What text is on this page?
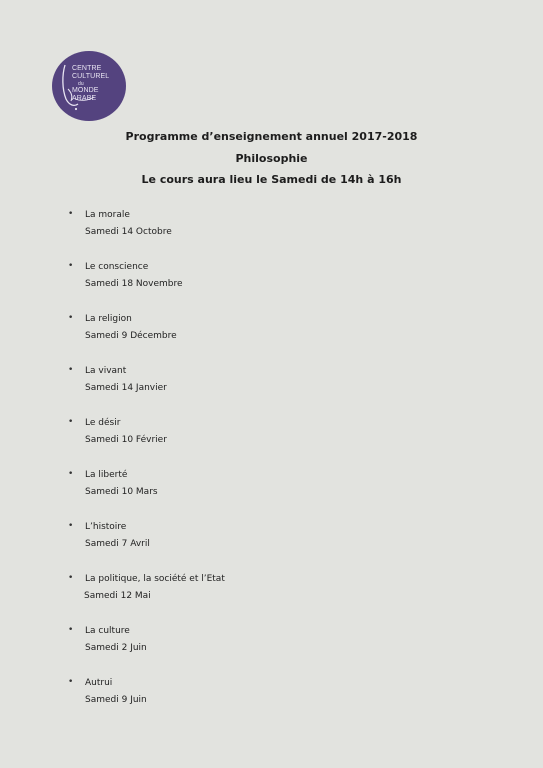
CENTRE
CULTUREL
du
MONDE
ARABE

Programme d’enseignement annuel 2017-2018

Philosophie

Le cours aura lieu le Samedi de 14h à 16h

• La morale
Samedi 14 Octobre
• Le conscience
Samedi 18 Novembre
• La religion
Samedi 9 Décembre
• La vivant
Samedi 14 Janvier
• Le désir
Samedi 10 Février
• La liberté
Samedi 10 Mars
• L’histoire
Samedi 7 Avril
• La politique, la société et l’Etat
Samedi 12 Mai
• La culture
Samedi 2 Juin
• Autrui
Samedi 9 Juin
